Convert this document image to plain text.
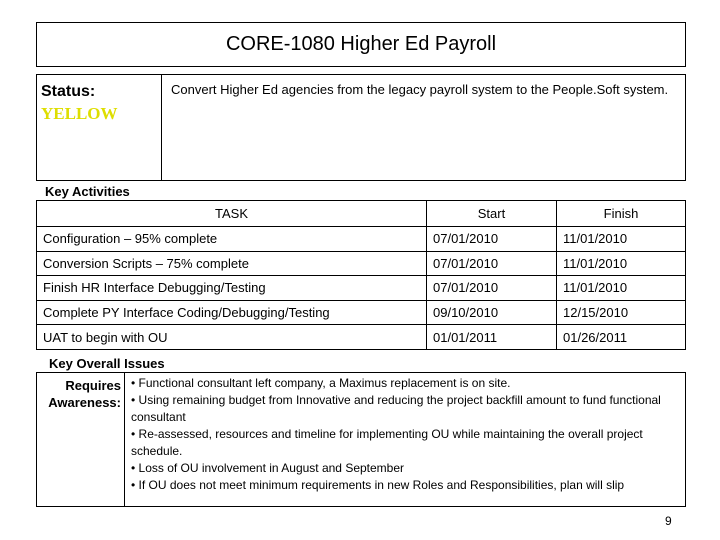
CORE-1080 Higher Ed Payroll
Status:
YELLOW
Convert Higher Ed agencies from the legacy payroll system to the People.Soft system.
Key Activities
TASK	Start	Finish
Configuration – 95% complete	07/01/2010	11/01/2010
Conversion Scripts – 75% complete	07/01/2010	11/01/2010
Finish HR Interface Debugging/Testing	07/01/2010	11/01/2010
Complete PY Interface Coding/Debugging/Testing	09/10/2010	12/15/2010
UAT to begin with OU	01/01/2011	01/26/2011
Key Overall Issues
Requires
Awareness:
• Functional consultant left company, a Maximus replacement is on site.
• Using remaining budget from Innovative and reducing the project backfill amount to fund functional consultant
• Re-assessed, resources and timeline for implementing OU while maintaining the overall project schedule.
• Loss of OU involvement in August and September
• If OU does not meet minimum requirements in new Roles and Responsibilities, plan will slip
9
